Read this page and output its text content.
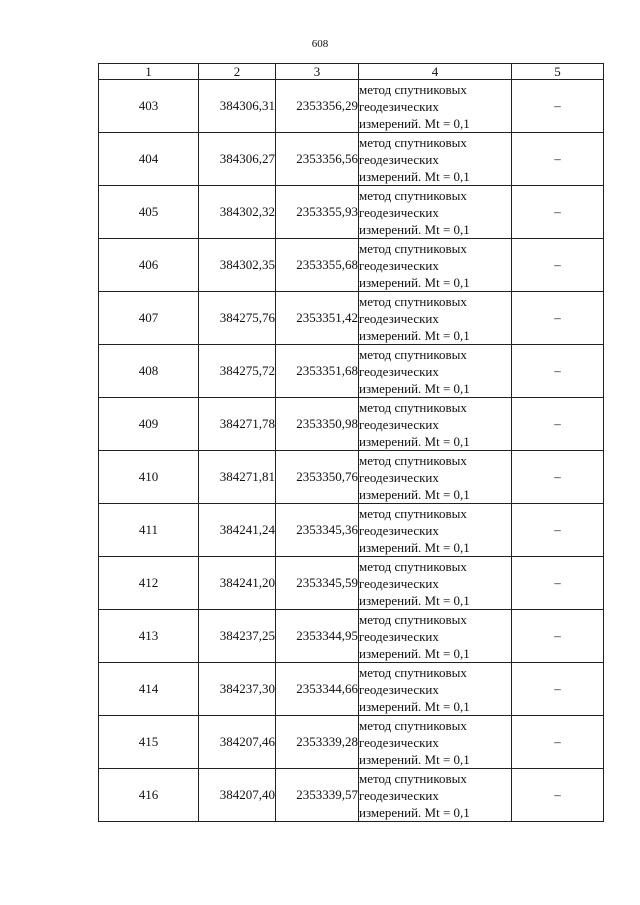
608
1	2	3	4	5
403	384306,31	2353356,29	метод спутниковых
геодезических
измерений. Mt = 0,1	–
404	384306,27	2353356,56	метод спутниковых
геодезических
измерений. Mt = 0,1	–
405	384302,32	2353355,93	метод спутниковых
геодезических
измерений. Mt = 0,1	–
406	384302,35	2353355,68	метод спутниковых
геодезических
измерений. Mt = 0,1	–
407	384275,76	2353351,42	метод спутниковых
геодезических
измерений. Mt = 0,1	–
408	384275,72	2353351,68	метод спутниковых
геодезических
измерений. Mt = 0,1	–
409	384271,78	2353350,98	метод спутниковых
геодезических
измерений. Mt = 0,1	–
410	384271,81	2353350,76	метод спутниковых
геодезических
измерений. Mt = 0,1	–
411	384241,24	2353345,36	метод спутниковых
геодезических
измерений. Mt = 0,1	–
412	384241,20	2353345,59	метод спутниковых
геодезических
измерений. Mt = 0,1	–
413	384237,25	2353344,95	метод спутниковых
геодезических
измерений. Mt = 0,1	–
414	384237,30	2353344,66	метод спутниковых
геодезических
измерений. Mt = 0,1	–
415	384207,46	2353339,28	метод спутниковых
геодезических
измерений. Mt = 0,1	–
416	384207,40	2353339,57	метод спутниковых
геодезических
измерений. Mt = 0,1	–
